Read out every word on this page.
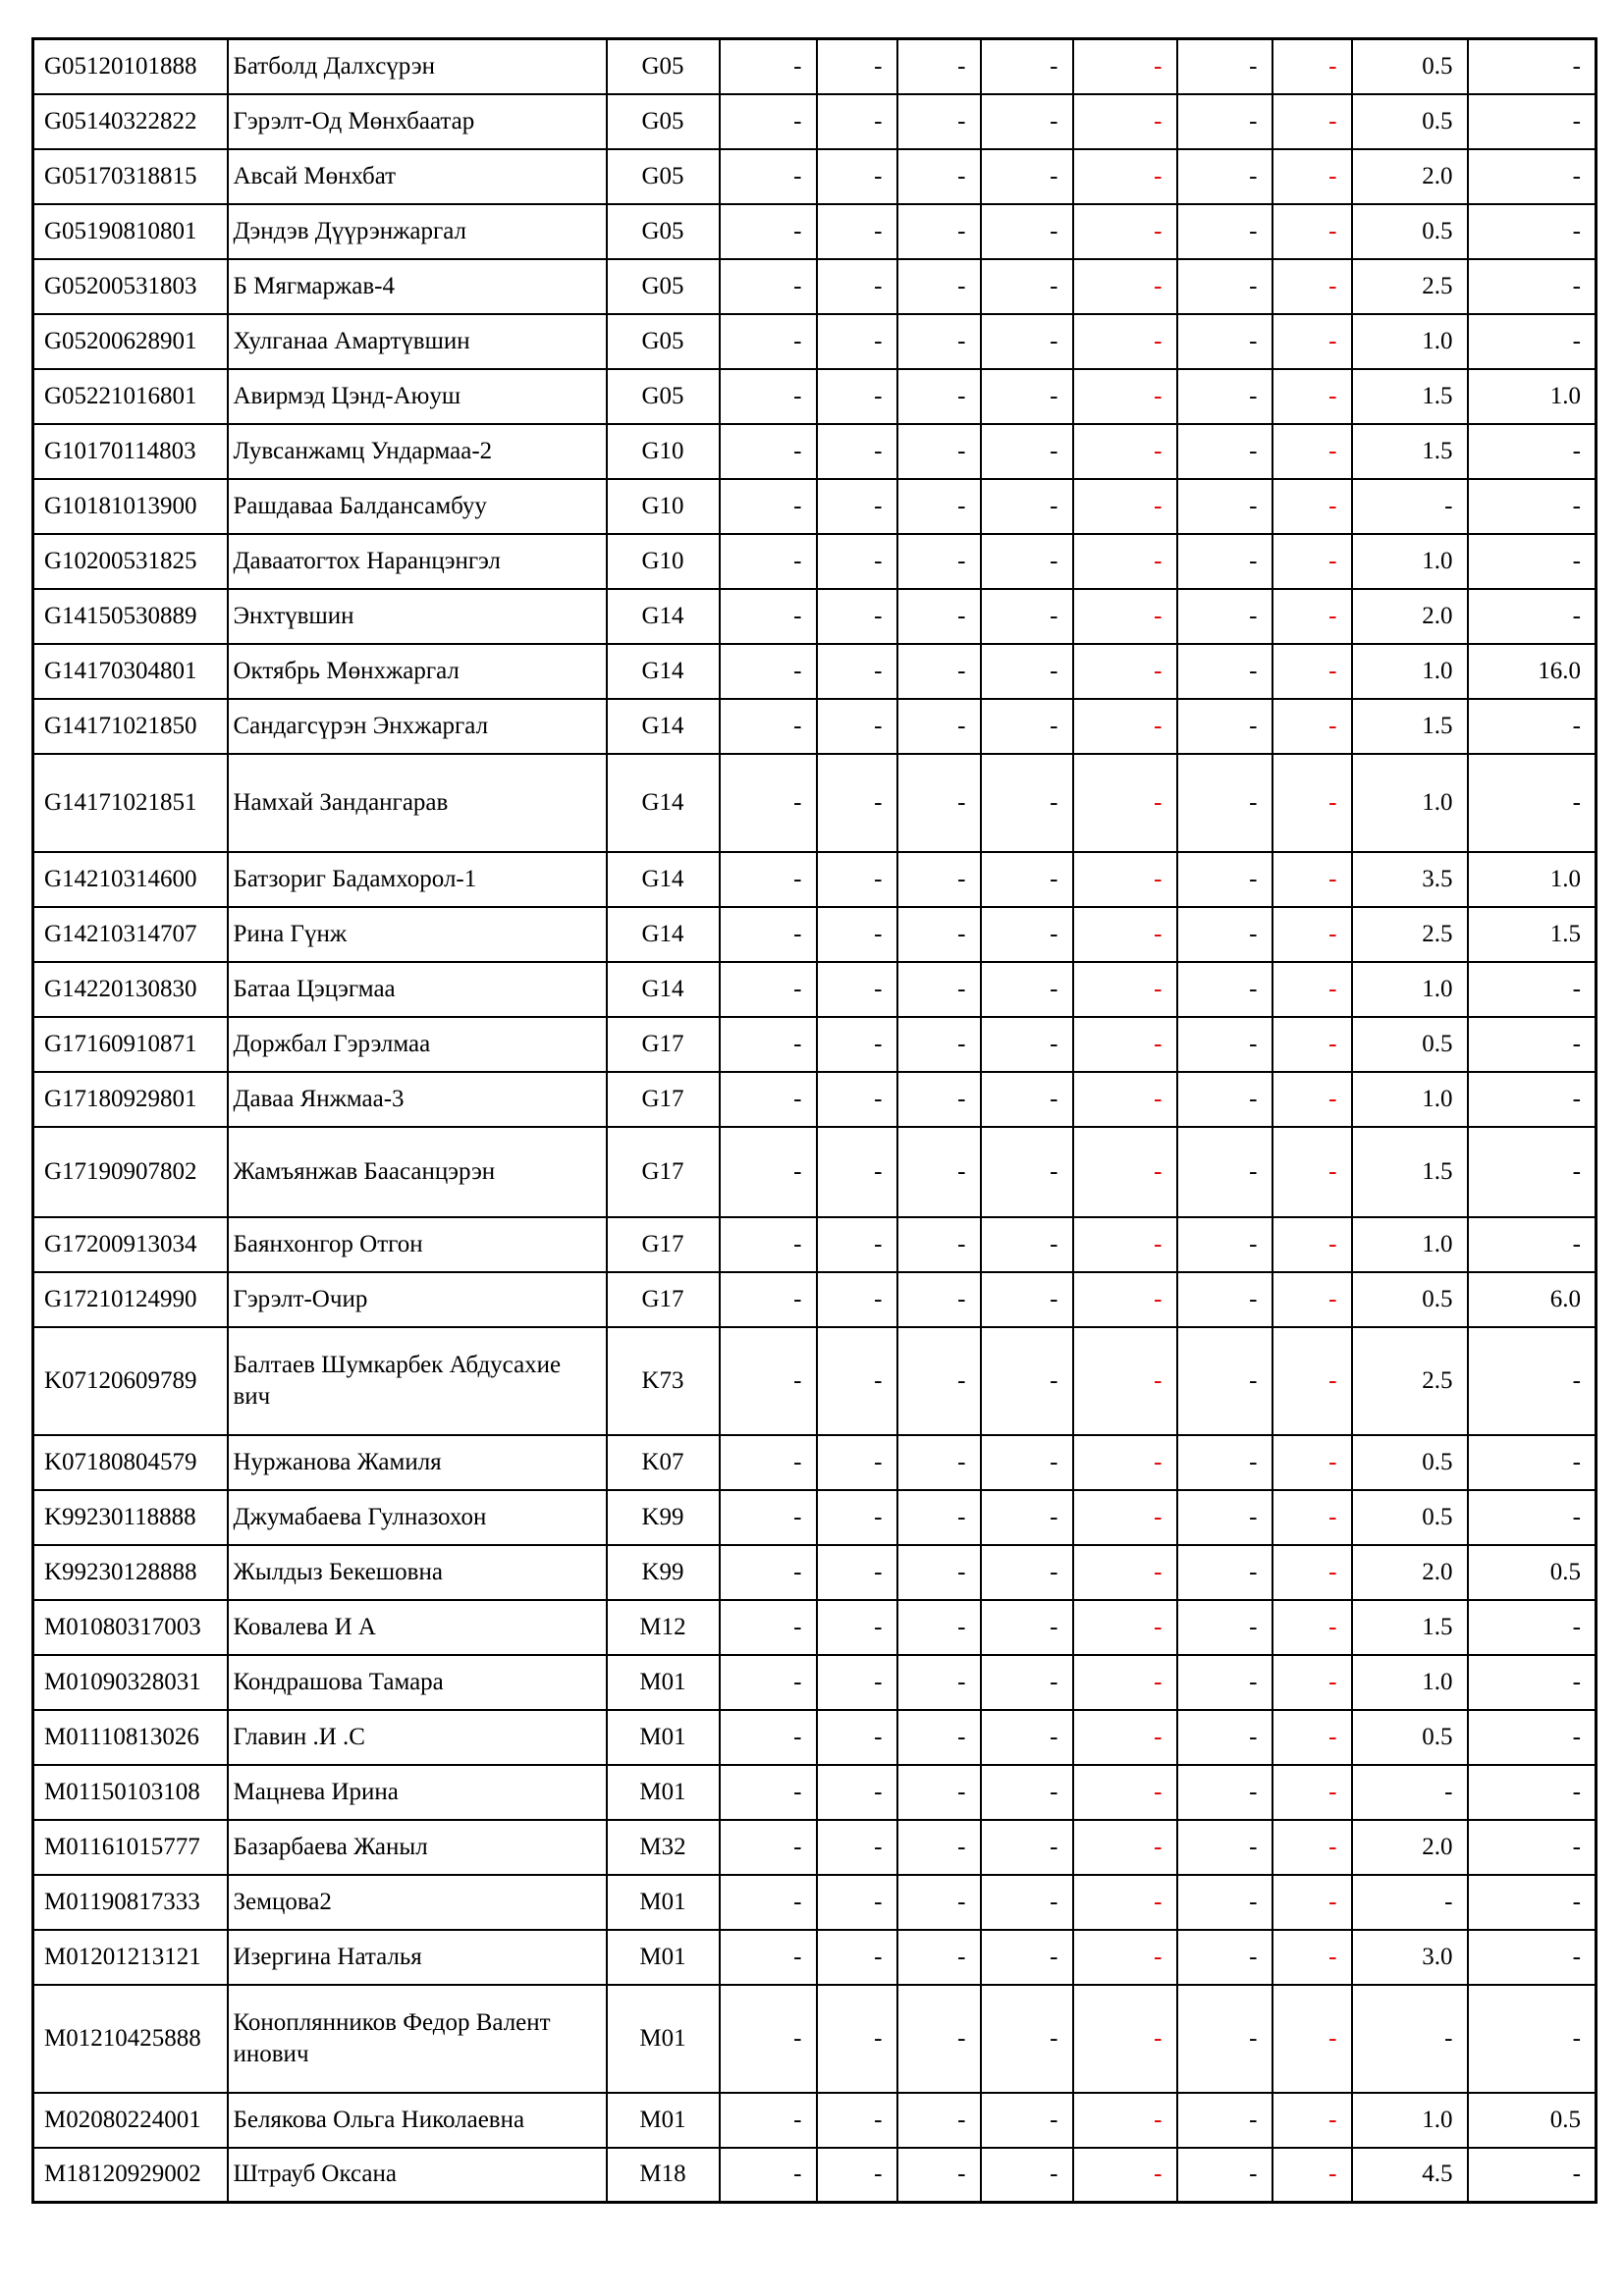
G05120101888	Батболд Далхсүрэн	G05	-	-	-	-	-	-	-	0.5	-
G05140322822	Гэрэлт-Од Мөнхбаатар	G05	-	-	-	-	-	-	-	0.5	-
G05170318815	Авсай Мөнхбат	G05	-	-	-	-	-	-	-	2.0	-
G05190810801	Дэндэв Дүүрэнжаргал	G05	-	-	-	-	-	-	-	0.5	-
G05200531803	Б Мягмаржав-4	G05	-	-	-	-	-	-	-	2.5	-
G05200628901	Хулганаа Амартүвшин	G05	-	-	-	-	-	-	-	1.0	-
G05221016801	Авирмэд Цэнд-Аюуш	G05	-	-	-	-	-	-	-	1.5	1.0
G10170114803	Лувсанжамц Ундармаа-2	G10	-	-	-	-	-	-	-	1.5	-
G10181013900	Рашдаваа Балдансамбуу	G10	-	-	-	-	-	-	-	-	-
G10200531825	Даваатогтох Наранцэнгэл	G10	-	-	-	-	-	-	-	1.0	-
G14150530889	Энхтүвшин	G14	-	-	-	-	-	-	-	2.0	-
G14170304801	Октябрь Мөнхжаргал	G14	-	-	-	-	-	-	-	1.0	16.0
G14171021850	Сандагсүрэн Энхжаргал	G14	-	-	-	-	-	-	-	1.5	-
G14171021851	Намхай Зандангарав	G14	-	-	-	-	-	-	-	1.0	-
G14210314600	Батзориг Бадамхорол-1	G14	-	-	-	-	-	-	-	3.5	1.0
G14210314707	Рина Гүнж	G14	-	-	-	-	-	-	-	2.5	1.5
G14220130830	Батаа Цэцэгмаа	G14	-	-	-	-	-	-	-	1.0	-
G17160910871	Доржбал Гэрэлмаа	G17	-	-	-	-	-	-	-	0.5	-
G17180929801	Даваа Янжмаа-3	G17	-	-	-	-	-	-	-	1.0	-
G17190907802	Жамъянжав Баасанцэрэн	G17	-	-	-	-	-	-	-	1.5	-
G17200913034	Баянхонгор Отгон	G17	-	-	-	-	-	-	-	1.0	-
G17210124990	Гэрэлт-Очир	G17	-	-	-	-	-	-	-	0.5	6.0
K07120609789	Балтаев Шумкарбек Абдусахие вич	K73	-	-	-	-	-	-	-	2.5	-
K07180804579	Нуржанова Жамиля	K07	-	-	-	-	-	-	-	0.5	-
K99230118888	Джумабаева Гулназохон	K99	-	-	-	-	-	-	-	0.5	-
K99230128888	Жылдыз Бекешовна	K99	-	-	-	-	-	-	-	2.0	0.5
M01080317003	Ковалева И А	M12	-	-	-	-	-	-	-	1.5	-
M01090328031	Кондрашова Тамара	M01	-	-	-	-	-	-	-	1.0	-
M01110813026	Главин .И .С	M01	-	-	-	-	-	-	-	0.5	-
M01150103108	Мацнева Ирина	M01	-	-	-	-	-	-	-	-	-
M01161015777	Базарбаева Жаныл	M32	-	-	-	-	-	-	-	2.0	-
M01190817333	Земцова2	M01	-	-	-	-	-	-	-	-	-
M01201213121	Изергина Наталья	M01	-	-	-	-	-	-	-	3.0	-
M01210425888	Коноплянников Федор Валент инович	M01	-	-	-	-	-	-	-	-	-
M02080224001	Белякова Ольга Николаевна	M01	-	-	-	-	-	-	-	1.0	0.5
M18120929002	Штрауб Оксана	M18	-	-	-	-	-	-	-	4.5	-
